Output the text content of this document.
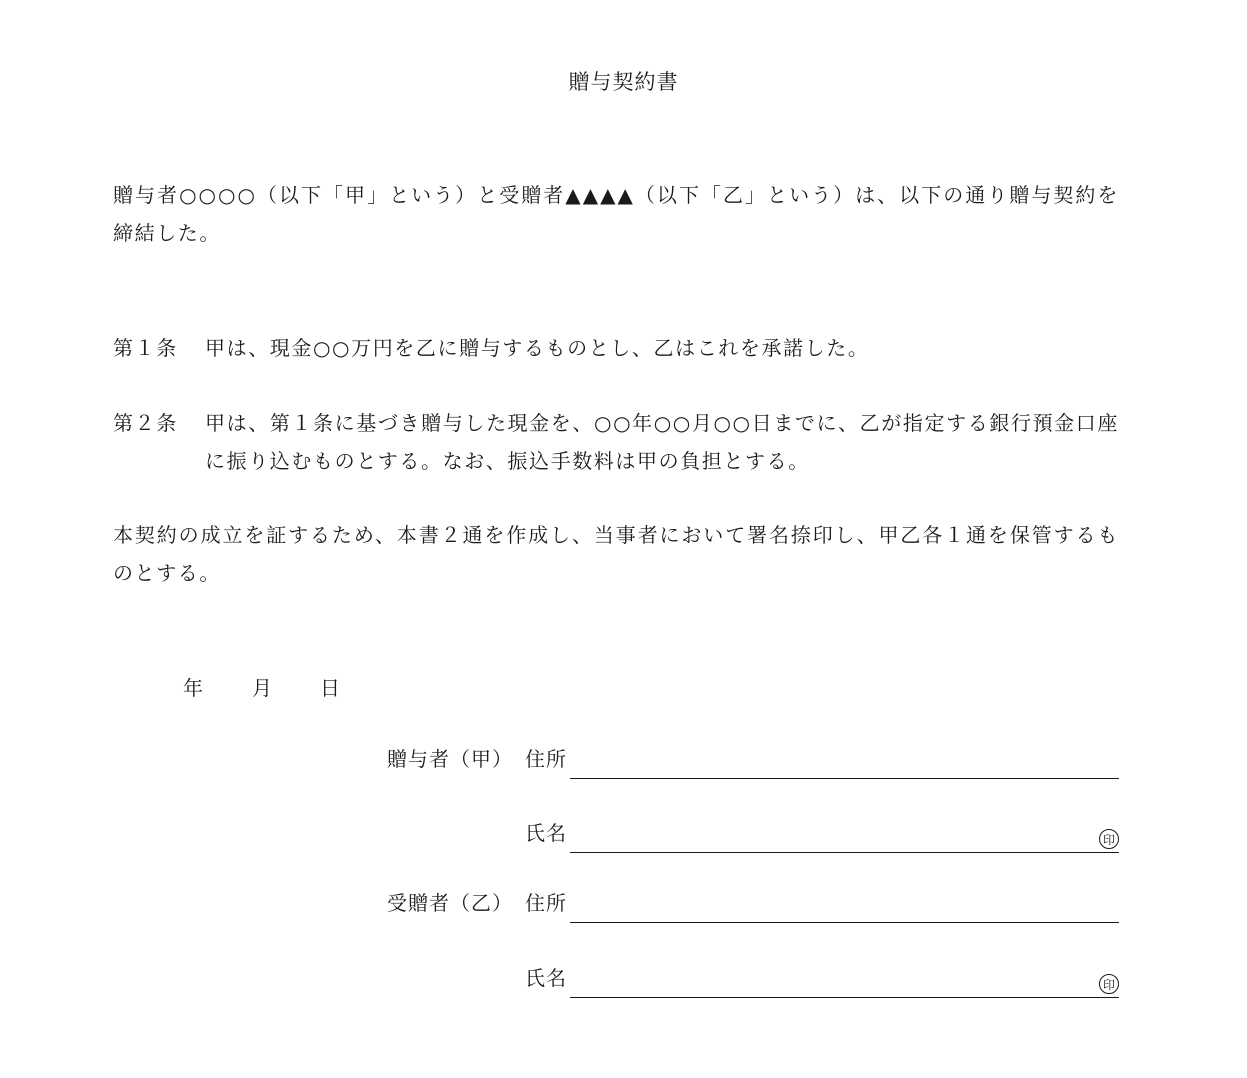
贈与契約書
贈与者○○○○（以下「甲」という）と受贈者▲▲▲▲（以下「乙」という）は、以下の通り贈与契約を締結した。
第１条	甲は、現金○○万円を乙に贈与するものとし、乙はこれを承諾した。
第２条	甲は、第１条に基づき贈与した現金を、○○年○○月○○日までに、乙が指定する銀行預金口座に振り込むものとする。なお、振込手数料は甲の負担とする。
本契約の成立を証するため、本書２通を作成し、当事者において署名捺印し、甲乙各１通を保管するものとする。
年 月 日
贈与者（甲） 住所
氏名	印
受贈者（乙） 住所
氏名	印
